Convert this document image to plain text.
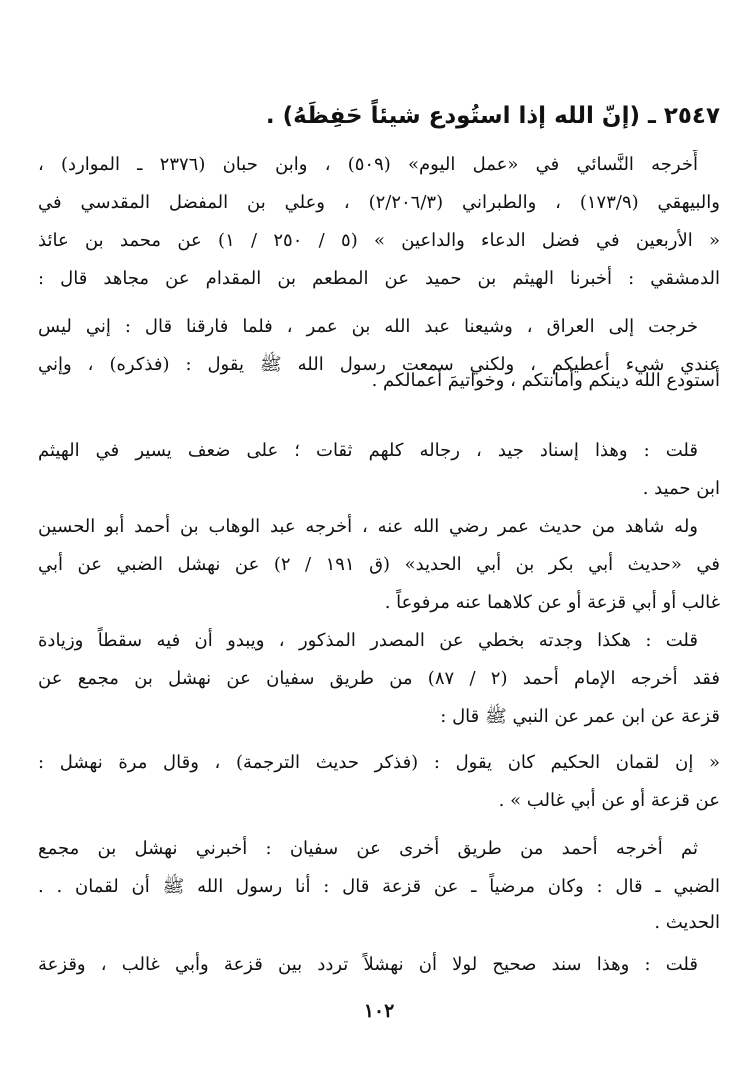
٢٥٤٧ ـ (إنّ الله إذا استُودع شيئاً حَفِظَهُ) .
أَخرجه النَّسائي في «عمل اليوم» (٥٠٩) ، وابن حبان (٢٣٧٦ ـ الموارد) ،
والبيهقي (١٧٣/٩) ، والطبراني (٢/٢٠٦/٣) ، وعلي بن المفضل المقدسي في
« الأربعين في فضل الدعاء والداعين » (٥ / ٢٥٠ / ١) عن محمد بن عائذ
الدمشقي : أخبرنا الهيثم بن حميد عن المطعم بن المقدام عن مجاهد قال :
خرجت إلى العراق ، وشيعنا عبد الله بن عمر ، فلما فارقنا قال : إني ليس
عندي شيء أعطيكم ، ولكني سمعت رسول الله ﷺ يقول : (فذكره) ، وإني
أستودع الله دينكم وأمانتكم ، وخواتيمَ أعمالكم .
قلت : وهذا إسناد جيد ، رجاله كلهم ثقات ؛ على ضعف يسير في الهيثم
ابن حميد .
وله شاهد من حديث عمر رضي الله عنه ، أخرجه عبد الوهاب بن أحمد أبو الحسين
في «حديث أبي بكر بن أبي الحديد» (ق ١٩١ / ٢) عن نهشل الضبي عن أبي
غالب أو أبي قزعة أو عن كلاهما عنه مرفوعاً .
قلت : هكذا وجدته بخطي عن المصدر المذكور ، ويبدو أن فيه سقطاً وزيادة
فقد أخرجه الإمام أحمد (٢ / ٨٧) من طريق سفيان عن نهشل بن مجمع عن
قزعة عن ابن عمر عن النبي ﷺ قال :
« إن لقمان الحكيم كان يقول : (فذكر حديث الترجمة) ، وقال مرة نهشل :
عن قزعة أو عن أبي غالب » .
ثم أخرجه أحمد من طريق أخرى عن سفيان : أخبرني نهشل بن مجمع
الضبي ـ قال : وكان مرضياً ـ عن قزعة قال : أنا رسول الله ﷺ أن لقمان . .
الحديث .
قلت : وهذا سند صحيح لولا أن نهشلاً تردد بين قزعة وأبي غالب ، وقزعة
١٠٢
